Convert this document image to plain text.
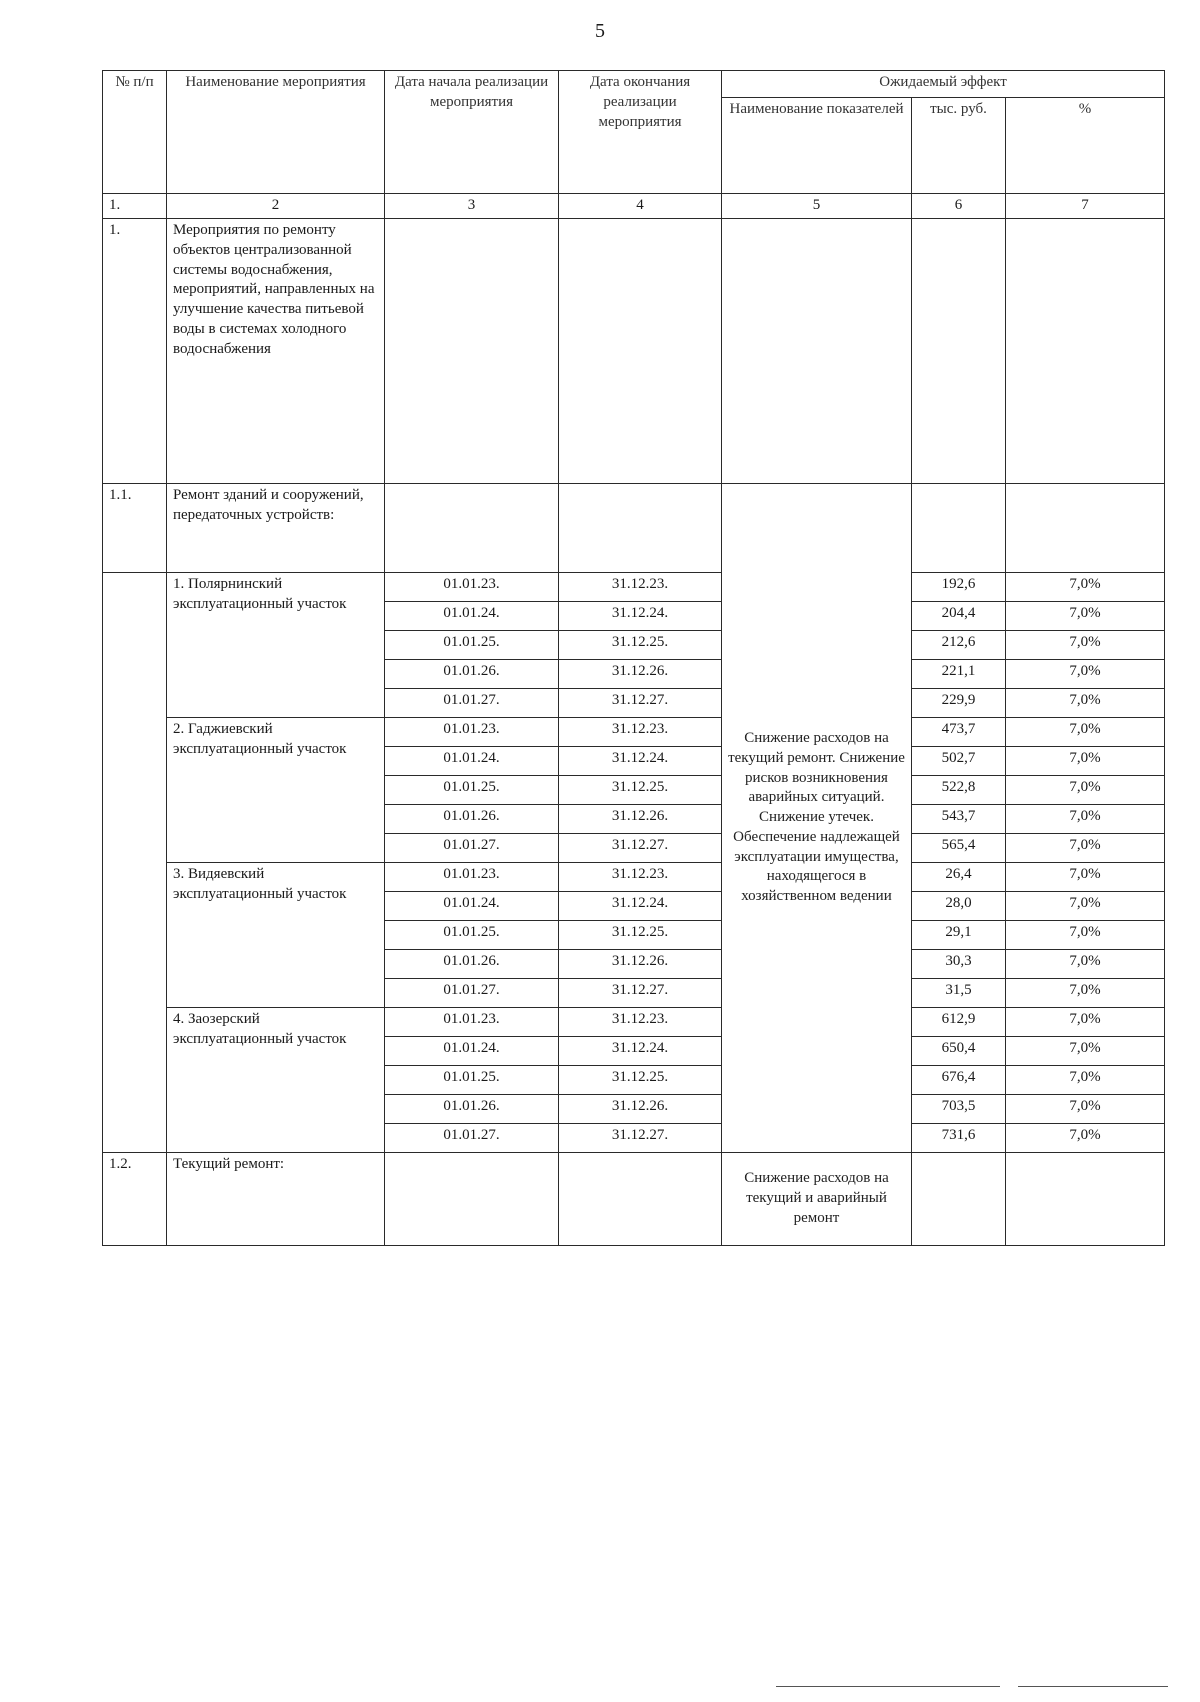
5
№ п/п	Наименование мероприятия	Дата начала реализации мероприятия	Дата окончания реализации мероприятия	Ожидаемый эффект		
				Наименование показателей	тыс. руб.	%
1.	2	3	4	5	6	7
1.	Мероприятия по ремонту объектов централизованной системы водоснабжения, мероприятий, направленных на улучшение качества питьевой воды в системах холодного водоснабжения					
1.1.	Ремонт зданий и сооружений, передаточных устройств:			Снижение расходов на текущий ремонт. Снижение рисков возникновения аварийных ситуаций. Снижение утечек. Обеспечение надлежащей эксплуатации имущества, находящегося в хозяйственном ведении		
	1. Полярнинский эксплуатационный участок	01.01.23.	31.12.23.		192,6	7,0%
		01.01.24.	31.12.24.		204,4	7,0%
		01.01.25.	31.12.25.		212,6	7,0%
		01.01.26.	31.12.26.		221,1	7,0%
		01.01.27.	31.12.27.		229,9	7,0%
	2. Гаджиевский эксплуатационный участок	01.01.23.	31.12.23.		473,7	7,0%
		01.01.24.	31.12.24.		502,7	7,0%
		01.01.25.	31.12.25.		522,8	7,0%
		01.01.26.	31.12.26.		543,7	7,0%
		01.01.27.	31.12.27.		565,4	7,0%
	3. Видяевский эксплуатационный участок	01.01.23.	31.12.23.		26,4	7,0%
		01.01.24.	31.12.24.		28,0	7,0%
		01.01.25.	31.12.25.		29,1	7,0%
		01.01.26.	31.12.26.		30,3	7,0%
		01.01.27.	31.12.27.		31,5	7,0%
	4. Заозерский эксплуатационный участок	01.01.23.	31.12.23.		612,9	7,0%
		01.01.24.	31.12.24.		650,4	7,0%
		01.01.25.	31.12.25.		676,4	7,0%
		01.01.26.	31.12.26.		703,5	7,0%
		01.01.27.	31.12.27.		731,6	7,0%
1.2.	Текущий ремонт:			Снижение расходов на текущий и аварийный ремонт		
